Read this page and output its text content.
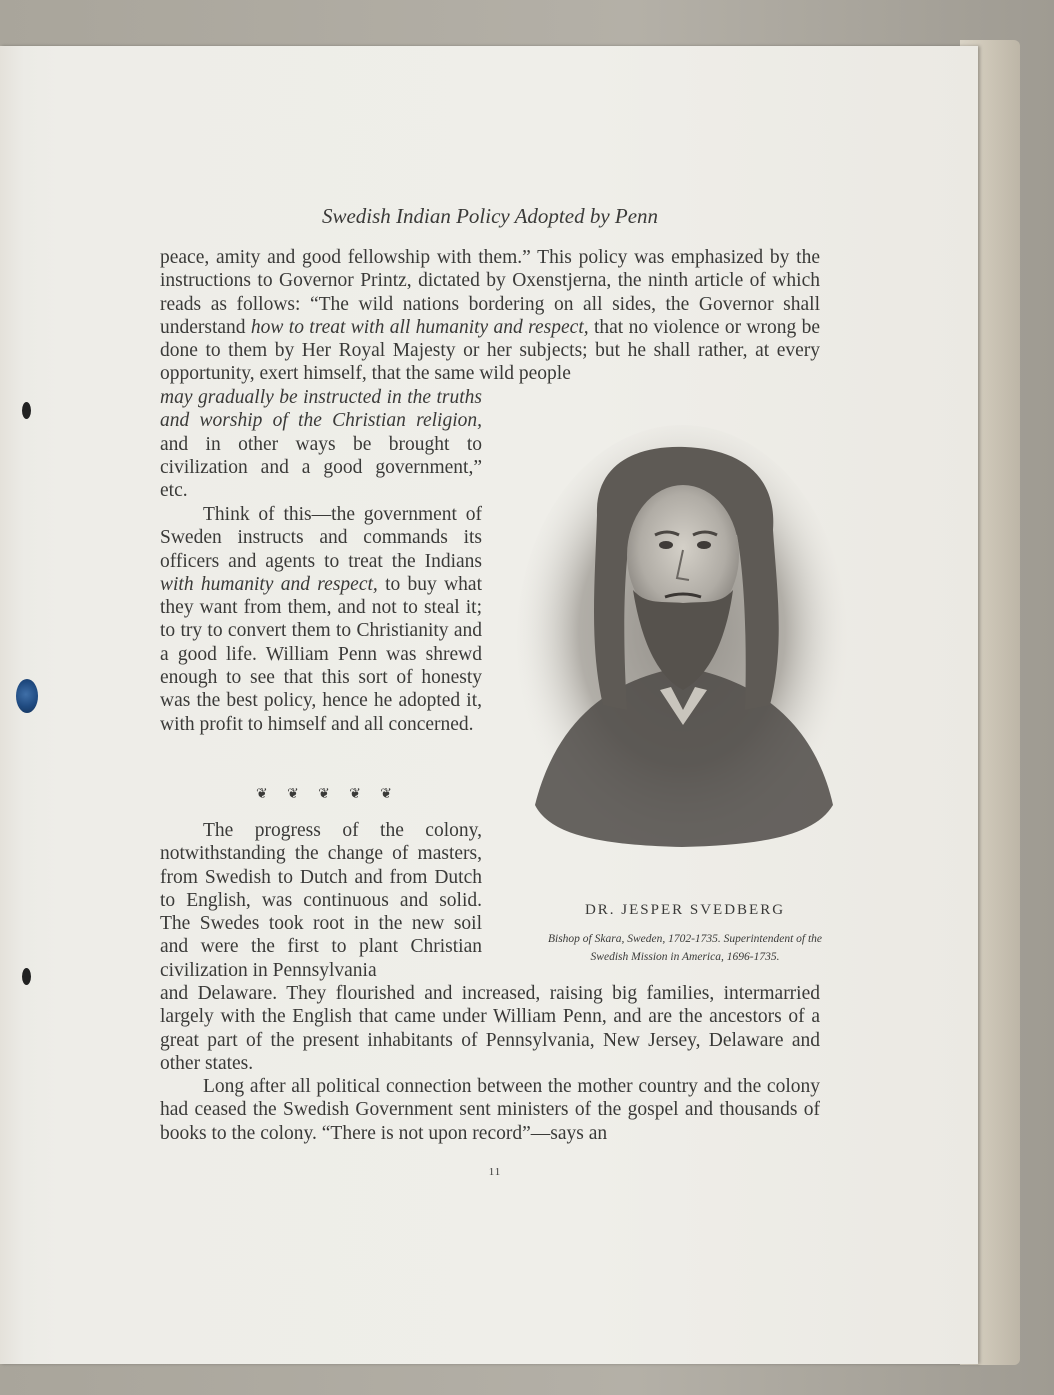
Swedish Indian Policy Adopted by Penn

peace, amity and good fellowship with them.” This policy was emphasized by the instructions to Governor Printz, dictated by Oxenstjerna, the ninth article of which reads as follows: “The wild nations bordering on all sides, the Governor shall understand how to treat with all humanity and respect, that no violence or wrong be done to them by Her Royal Majesty or her subjects; but he shall rather, at every opportunity, exert himself, that the same wild people

may gradually be instructed in the truths and worship of the Christian religion, and in other ways be brought to civilization and a good government,” etc.

Think of this—the government of Sweden instructs and commands its officers and agents to treat the Indians with humanity and respect, to buy what they want from them, and not to steal it; to try to convert them to Christianity and a good life. William Penn was shrewd enough to see that this sort of honesty was the best policy, hence he adopted it, with profit to himself and all concerned.

❦ ❦ ❦ ❦ ❦

The progress of the colony, notwithstanding the change of masters, from Swedish to Dutch and from Dutch to English, was continuous and solid. The Swedes took root in the new soil and were the first to plant Christian civilization in Pennsylvania

and Delaware. They flourished and increased, raising big families, intermarried largely with the English that came under William Penn, and are the ancestors of a great part of the present inhabitants of Pennsylvania, New Jersey, Delaware and other states.

Long after all political connection between the mother country and the colony had ceased the Swedish Government sent ministers of the gospel and thousands of books to the colony. “There is not upon record”—says an

DR. JESPER SVEDBERG
Bishop of Skara, Sweden, 1702-1735. Superintendent of the
Swedish Mission in America, 1696-1735.
11
